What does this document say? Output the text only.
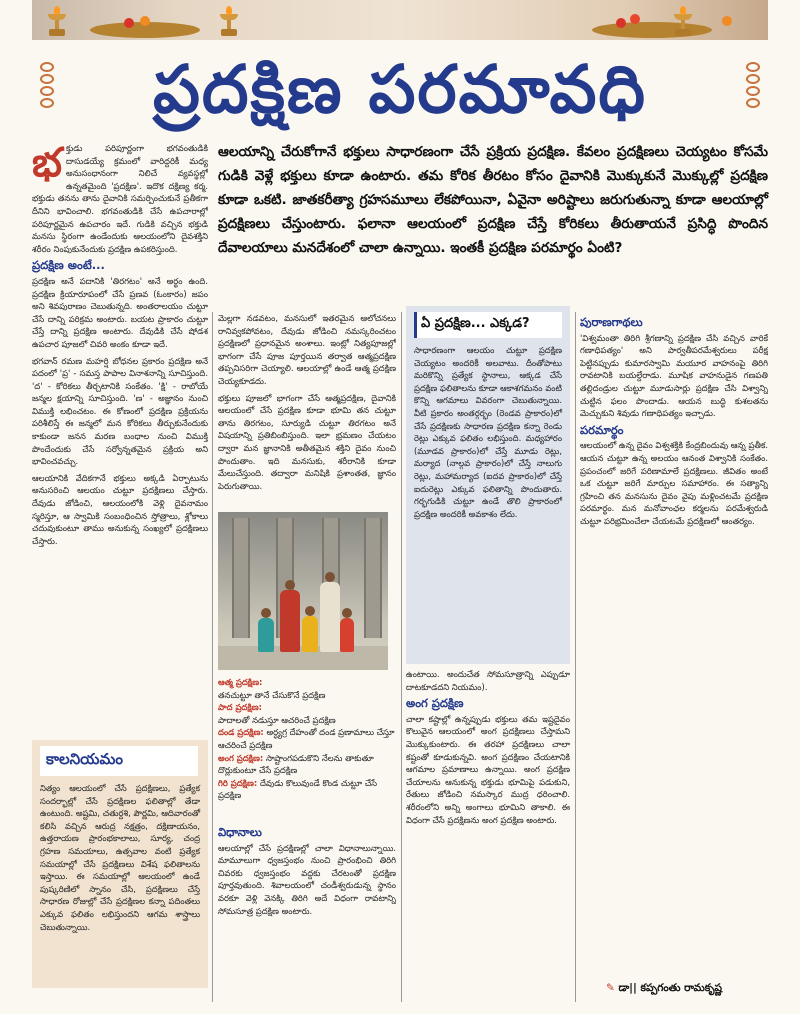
ప్రదక్షిణ పరమావధి
ఆలయాన్ని చేరుకోగానే భక్తులు సాధారణంగా చేసే ప్రక్రియ ప్రదక్షిణ. కేవలం ప్రదక్షిణలు చెయ్యటం కోసమే గుడికి వెళ్లే భక్తులు కూడా ఉంటారు. తమ కోరిక తీరటం కోసం దైవానికి మొక్కుకునే మొక్కుల్లో ప్రదక్షిణ కూడా ఒకటి. జాతకరీత్యా గ్రహసమూలు లేకపోయినా, ఏవైనా అరిష్టాలు జరుగుతున్నా కూడా ఆలయాల్లో ప్రదక్షిణలు చేస్తుంటారు. ఫలానా ఆలయంలో ప్రదక్షిణ చేస్తే కోరికలు తీరుతాయనే ప్రసిద్ధి పొందిన దేవాలయాలు మనదేశంలో చాలా ఉన్నాయి. ఇంతకీ ప్రదక్షిణ పరమార్థం ఏంటి?

భక్తుడు పరిపూర్ణంగా భగవంతుడికి దాసుడయ్యే క్రమంలో వారిద్దరికీ మధ్య అనుసంధానంగా నిలిచే వ్యవస్థల్లో ఉన్నతమైంది 'ప్రదక్షిణ'. ఇదొక దక్షిణ్య కర్మ. భక్తుడు తనను తాను దైవానికి సమర్పించుకునే ప్రతీకగా దీనిని భావించాలి. భగవంతుడికి చేసే ఉపచారాల్లో పరిపూర్ణమైన ఉపచారం ఇదే. గుడికి వచ్చిన భక్తుడి మనసు స్థిరంగా ఉండేందుకు ఆలయంలోని దైవశక్తిని శరీరం నింపుకునేందుకు ప్రదక్షిణ ఉపకరిస్తుంది.

ప్రదక్షిణ అంటే...

ప్రదక్షిణ అనే పదానికి 'తిరగటం' అనే అర్థం ఉంది. ప్రదక్షిణ క్రియారూపంలో చేసే ప్రణవ (ఓంకారం) జపం అని శివపురాణం చెబుతున్నది. అంతరాలయం చుట్టూ చేసే దాన్ని పరిక్రమ అంటారు. బయట ప్రాకారం చుట్టూ చేస్తే దాన్ని ప్రదక్షిణ అంటారు. దేవుడికి చేసే షోడశ ఉపచార పూజలో చివరి అంకం కూడా ఇదే.

భగవాన్ రమణ మహర్షి బోధనల ప్రకారం ప్రదక్షిణ అనే పదంలో 'ప్ర' - సమస్త పాపాల వినాశనాన్ని సూచిస్తుంది. 'ద' - కోరికలు తీర్చటానికి సంకేతం. 'క్షి' - రాబోయే జన్మల క్షయాన్ని సూచిస్తుంది. 'ణ' - అజ్ఞానం నుంచి విముక్తి లభించటం. ఈ కోణంలో ప్రదక్షిణ ప్రక్రియను పరిశీలిస్తే ఈ జన్మలో మన కోరికలు తీర్చుకునేందుకు కాకుండా జనన మరణ బంధాల నుంచి విముక్తి పొందేందుకు చేసే సర్వోన్నతమైన ప్రక్రియ అని భావించవచ్చు.

ఆలయానికి వేదికగానే భక్తులు అక్కడి ఏర్పాటును అనుసరించి ఆలయం చుట్టూ ప్రదక్షిణలు చేస్తారు. దేవుడు జోడించి, ఆలయంలోకి వెళ్లి దైవనామం స్మరిస్తూ, ఆ స్వామికి సంబంధించిన స్తోత్రాలు, శ్లోకాలు చదువుకుంటూ తాము అనుకున్న సంఖ్యలో ప్రదక్షిణలు చేస్తారు.

కాలనియమం
నిత్యం ఆలయంలో చేసే ప్రదక్షిణలు, ప్రత్యేక సందర్భాల్లో చేసే ప్రదక్షిణల ఫలితాల్లో తేడా ఉంటుంది. అష్టమి, చతుర్దశి, పౌర్ణమి, ఆదివారంతో కలిసి వచ్చిన ఆరుద్ర నక్షత్రం, దక్షిణాయనం, ఉత్తరాయణ ప్రారంభకాలాలు, సూర్య, చంద్ర గ్రహణ సమయాలు, ఉత్సవాల వంటి ప్రత్యేక సమయాల్లో చేసే ప్రదక్షిణలు విశేష ఫలితాలను ఇస్తాయి. ఈ సమయాల్లో ఆలయంలో ఉండే పుష్కరిణిలో స్నానం చేసి, ప్రదక్షిణలు చేస్తే సాధారణ రోజుల్లో చేసే ప్రదక్షిణల కన్నా పదింతలు ఎక్కువ ఫలితం లభిస్తుందని ఆగమ శాస్త్రాలు చెబుతున్నాయి.

మెల్లగా నడవటం, మనసులో ఇతరమైన ఆలోచనలు రానివ్వకపోవటం, దేవుడు జోడించి నమస్కరించటం ప్రదక్షిణలో ప్రధానమైన అంశాలు. ఇంట్లో నిత్యపూజల్లో భాగంగా చేసే పూజ పూర్తయిన తర్వాత ఆత్మప్రదక్షిణ తప్పనిసరిగా చెయ్యాలి. ఆలయాల్లో ఉండే ఆత్మ ప్రదక్షిణ చెయ్యకూడదు.

భక్తులు పూజలో భాగంగా చేసే ఆత్మప్రదక్షిణ, దైవానికి ఆలయంలో చేసే ప్రదక్షిణ కూడా భూమి తన చుట్టూ తాను తిరగటం, సూర్యుడి చుట్టూ తిరగటం అనే విషయాన్ని ప్రతిబింబిస్తుంది. ఇలా భ్రమణం చేయటం ద్వారా మన జ్ఞానానికి అతీతమైన శక్తిని దైవం నుంచి పొందుతాం. ఇది మనసుకు, శరీరానికి కూడా మేలుచేస్తుంది. తద్వారా మనిషికి ప్రశాంతత, జ్ఞానం పెరుగుతాయి.

ఆత్మ ప్రదక్షిణ:
తనచుట్టూ తానే చేసుకొనే ప్రదక్షిణ
పాద ప్రదక్షిణ:
పాదాలతో నడుస్తూ ఆచరించే ప్రదక్షిణ
దండ ప్రదక్షిణ: అర్ధ్యగ్ర దేహంతో దండ ప్రణామాలు చేస్తూ ఆచరించే ప్రదక్షిణ
అంగ ప్రదక్షిణ: సాష్టాంగపడుకొని నేలను తాకుతూ దొర్లుకుంటూ చేసే ప్రదక్షిణ
గిరి ప్రదక్షిణ: దేవుడు కొలువుండే కొండ చుట్టూ చేసే ప్రదక్షిణ
విధానాలు

ఆలయాల్లో చేసే ప్రదక్షిణల్లో చాలా విధానాలున్నాయి. మామూలుగా ధ్వజస్తంభం నుంచి ప్రారంభించి తిరిగి చివరకు ధ్వజస్తంభం వద్దకు చేరటంతో ప్రదక్షిణ పూర్తవుతుంది. శివాలయంలో చండీశ్వరుడున్న స్థానం వరకూ వెళ్లి వెనక్కి తిరిగి అదే విధంగా రావటాన్ని సోమసూత్ర ప్రదక్షిణ అంటారు.

ఏ ప్రదక్షిణ... ఎక్కడ?
సాధారణంగా ఆలయం చుట్టూ ప్రదక్షిణ చెయ్యటం అందరికీ అలవాటు. దీంతోపాటు మరికొన్ని ప్రత్యేక స్థానాలు, ఆక్కడ చేసే ప్రదక్షిణ ఫలితాలను కూడా ఆకాశగమనం వంటి కొన్ని ఆగమాలు వివరంగా చెబుతున్నాయి. వీటి ప్రకారం అంతర్గర్భం (రెండవ ప్రాకారం)లో చేసే ప్రదక్షిణకు సాధారణ ప్రదక్షిణ కన్నా రెండు రెట్లు ఎక్కువ ఫలితం లభిస్తుంది. మధ్యహారం (మూడవ ప్రాకారం)లో చేస్తే మూడు రెట్లు, మర్యాద (నాల్గవ ప్రాకారం)లో చేస్తే నాలుగు రెట్లు, మహామర్యాద (ఐదవ ప్రాకారం)లో చేస్తే ఐదురెట్లు ఎక్కువ ఫలితాన్ని పొందుతారు. గర్భగుడికి చుట్టూ ఉండే తొలి ప్రాకారంలో ప్రదక్షిణ అందరికీ అవకాశం లేదు.

ఉంటాయి. అందుచేత సోమసూత్రాన్ని ఎప్పుడూ దాటకూడదని నియమం).

అంగ ప్రదక్షిణ

చాలా కష్టాల్లో ఉన్నప్పుడు భక్తులు తమ ఇష్టదైవం కొలువైన ఆలయంలో అంగ ప్రదక్షిణలు చేస్తామని మొక్కుకుంటారు. ఈ తరహా ప్రదక్షిణలు చాలా కష్టంతో కూడుకున్నవి. అంగ ప్రదక్షిణం చేయటానికి ఆగమాల ప్రమాణాలు ఉన్నాయి. అంగ ప్రదక్షిణ చేయాలను ఆనుకున్న భక్తుడు భూమిపై పడుకుని, రేతులు జోడించి నమస్కార ముద్ర ధరించాలి. శరీరంలోని అన్ని అంగాలు భూమిని తాకాలి. ఈ విధంగా చేసే ప్రదక్షిణను అంగ ప్రదక్షిణ అంటారు.

పురాణగాథలు

'విశ్వమంతా తిరిగి శ్రీగణాన్ని ప్రదక్షిణ చేసి వచ్చిన వారికే గణాధిపత్యం' అని పార్వతీపరమేశ్వరులు పరీక్ష పెట్టినప్పుడు కుమారస్వామి మయూర వాహనంపై తిరిగి రావటానికి బయల్దేరాడు. మూషిక వాహనుడైన గణపతి తల్లిదండ్రుల చుట్టూ మూడుసార్లు ప్రదక్షిణ చేసి విశ్వాన్ని చుట్టిన ఫలం పొందాడు. ఆయన బుద్ధి కుశలతను మెచ్చుకుని శివుడు గణాధిపత్యం ఇచ్చాడు.

పరమార్థం

ఆలయంలో ఉన్న దైవం విశ్వశక్తికి కేంద్రబిందువు ఆన్న ప్రతీక. ఆయన చుట్టూ ఉన్న అలయం ఆనంత విశ్వానికి సంకేతం. ప్రపంచంలో జరిగే పరిణామాలే ప్రదక్షిణలు. జీవితం అంటే ఒక చుట్టూ జరిగే మార్పుల సమాహారం. ఈ సత్యాన్ని గ్రహించి తన మనసును దైవం వైపు మళ్లించటమే ప్రదక్షిణ పరమార్థం. మన మనోవాంఛల కర్మలను పరమేశ్వరుడి చుట్టూ పరిభ్రమించేలా చేయటమే ప్రదక్షిణలో ఆంతర్యం.

✎ డా|| కప్పగంతు రామకృష్ణ
